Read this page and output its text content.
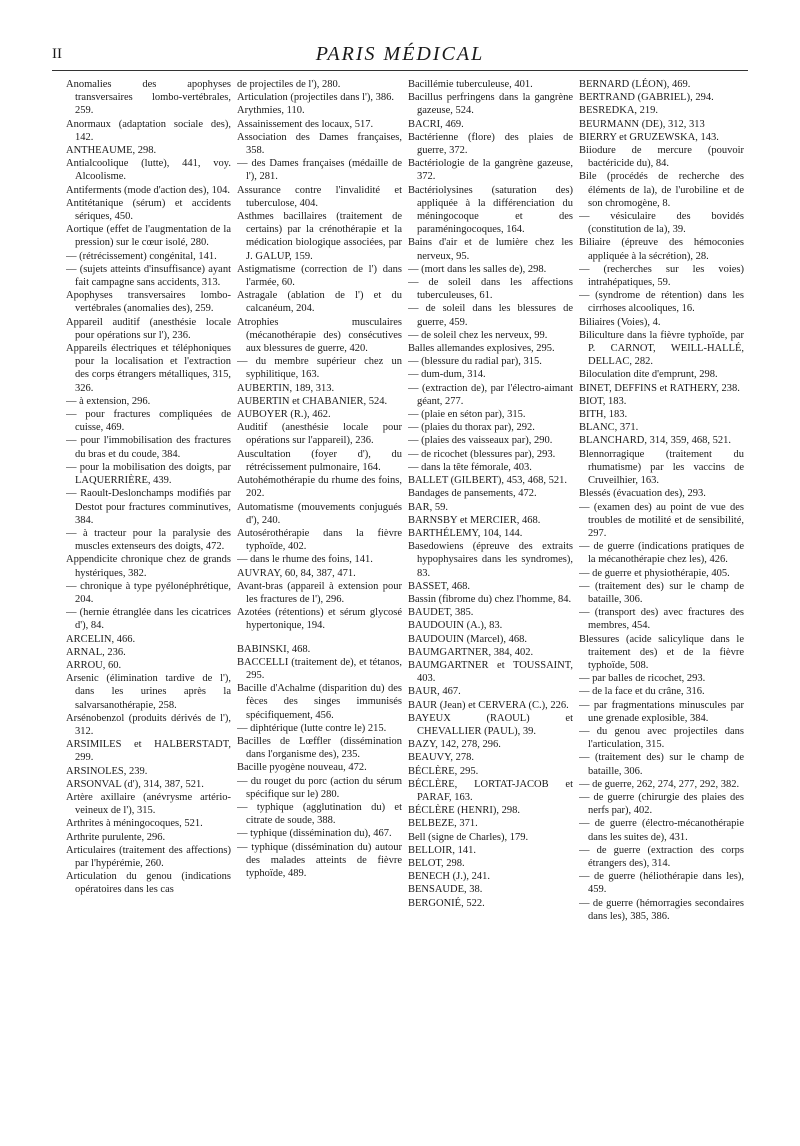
II	PARIS MÉDICAL

Anomalies des apophyses transversaires lombo-vertébrales, 259.

Anormaux (adaptation sociale des), 142.

ANTHEAUME, 298.

Antialcoolique (lutte), 441, voy. Alcoolisme.

Antiferments (mode d'action des), 104.

Antitétanique (sérum) et accidents sériques, 450.

Aortique (effet de l'augmentation de la pression) sur le cœur isolé, 280.

— (rétrécissement) congénital, 141.

— (sujets atteints d'insuffisance) ayant fait campagne sans accidents, 313.

Apophyses transversaires lombo-vertébrales (anomalies des), 259.

Appareil auditif (anesthésie locale pour opérations sur l'), 236.

Appareils électriques et téléphoniques pour la localisation et l'extraction des corps étrangers métalliques, 315, 326.

— à extension, 296.

— pour fractures compliquées de cuisse, 469.

— pour l'immobilisation des fractures du bras et du coude, 384.

— pour la mobilisation des doigts, par LAQUERRIÈRE, 439.

— Raoult-Deslonchamps modifiés par Destot pour fractures comminutives, 384.

— à tracteur pour la paralysie des muscles extenseurs des doigts, 472.

Appendicite chronique chez de grands hystériques, 382.

— chronique à type pyélonéphrétique, 204.

— (hernie étranglée dans les cicatrices d'), 84.

ARCELIN, 466.

ARNAL, 236.

ARROU, 60.

Arsenic (élimination tardive de l'), dans les urines après la salvarsanothérapie, 258.

Arsénobenzol (produits dérivés de l'), 312.

ARSIMILES et HALBERSTADT, 299.

ARSINOLES, 239.

ARSONVAL (d'), 314, 387, 521.

Artère axillaire (anévrysme artério-veineux de l'), 315.

Arthrites à méningocoques, 521.

Arthrite purulente, 296.

Articulaires (traitement des affections) par l'hypérémie, 260.

Articulation du genou (indications opératoires dans les cas

de projectiles de l'), 280.

Articulation (projectiles dans l'), 386.

Arythmies, 110.

Assainissement des locaux, 517.

Association des Dames françaises, 358.

— des Dames françaises (médaille de l'), 281.

Assurance contre l'invalidité et tuberculose, 404.

Asthmes bacillaires (traitement de certains) par la crénothérapie et la médication biologique associées, par J. GALUP, 159.

Astigmatisme (correction de l') dans l'armée, 60.

Astragale (ablation de l') et du calcanéum, 204.

Atrophies musculaires (mécanothérapie des) consécutives aux blessures de guerre, 420.

— du membre supérieur chez un syphilitique, 163.

AUBERTIN, 189, 313.

AUBERTIN et CHABANIER, 524.

AUBOYER (R.), 462.

Auditif (anesthésie locale pour opérations sur l'appareil), 236.

Auscultation (foyer d'), du rétrécissement pulmonaire, 164.

Autohémothérapie du rhume des foins, 202.

Automatisme (mouvements conjugués d'), 240.

Autosérothérapie dans la fièvre typhoïde, 402.

— dans le rhume des foins, 141.

AUVRAY, 60, 84, 387, 471.

Avant-bras (appareil à extension pour les fractures de l'), 296.

Azotées (rétentions) et sérum glycosé hypertonique, 194.

BABINSKI, 468.

BACCELLI (traitement de), et tétanos, 295.

Bacille d'Achalme (disparition du) des fèces des singes immunisés spécifiquement, 456.

— diphtérique (lutte contre le) 215.

Bacilles de Lœffler (dissémination dans l'organisme des), 235.

Bacille pyogène nouveau, 472.

— du rouget du porc (action du sérum spécifique sur le) 280.

— typhique (agglutination du) et citrate de soude, 388.

— typhique (dissémination du), 467.

— typhique (dissémination du) autour des malades atteints de fièvre typhoïde, 489.

Bacillémie tuberculeuse, 401.

Bacillus perfringens dans la gangrène gazeuse, 524.

BACRI, 469.

Bactérienne (flore) des plaies de guerre, 372.

Bactériologie de la gangrène gazeuse, 372.

Bactériolysines (saturation des) appliquée à la différenciation du méningocoque et des paraméningocoques, 164.

Bains d'air et de lumière chez les nerveux, 95.

— (mort dans les salles de), 298.

— de soleil dans les affections tuberculeuses, 61.

— de soleil dans les blessures de guerre, 459.

— de soleil chez les nerveux, 99.

Balles allemandes explosives, 295.

— (blessure du radial par), 315.

— dum-dum, 314.

— (extraction de), par l'électro-aimant géant, 277.

— (plaie en séton par), 315.

— (plaies du thorax par), 292.

— (plaies des vaisseaux par), 290.

— de ricochet (blessures par), 293.

— dans la tête fémorale, 403.

BALLET (GILBERT), 453, 468, 521.

Bandages de pansements, 472.

BAR, 59.

BARNSBY et MERCIER, 468.

BARTHÉLEMY, 104, 144.

Basedowiens (épreuve des extraits hypophysaires dans les syndromes), 83.

BASSET, 468.

Bassin (fibrome du) chez l'homme, 84.

BAUDET, 385.

BAUDOUIN (A.), 83.

BAUDOUIN (Marcel), 468.

BAUMGARTNER, 384, 402.

BAUMGARTNER et TOUSSAINT, 403.

BAUR, 467.

BAUR (Jean) et CERVERA (C.), 226.

BAYEUX (RAOUL) et CHEVALLIER (PAUL), 39.

BAZY, 142, 278, 296.

BEAUVY, 278.

BÉCLÈRE, 295.

BÉCLÈRE, LORTAT-JACOB et PARAF, 163.

BÉCLÈRE (HENRI), 298.

BELBEZE, 371.

Bell (signe de Charles), 179.

BELLOIR, 141.

BELOT, 298.

BENECH (J.), 241.

BENSAUDE, 38.

BERGONIÉ, 522.

BERNARD (LÉON), 469.

BERTRAND (GABRIEL), 294.

BESREDKA, 219.

BEURMANN (DE), 312, 313

BIERRY et GRUZEWSKA, 143.

Biiodure de mercure (pouvoir bactéricide du), 84.

Bile (procédés de recherche des éléments de la), de l'urobiline et de son chromogène, 8.

— vésiculaire des bovidés (constitution de la), 39.

Biliaire (épreuve des hémoconies appliquée à la sécrétion), 28.

— (recherches sur les voies) intrahépatiques, 59.

— (syndrome de rétention) dans les cirrhoses alcooliques, 16.

Biliaires (Voies), 4.

Biliculture dans la fièvre typhoïde, par P. CARNOT, WEILL-HALLÉ, DELLAC, 282.

Biloculation dite d'emprunt, 298.

BINET, DEFFINS et RATHERY, 238.

BIOT, 183.

BITH, 183.

BLANC, 371.

BLANCHARD, 314, 359, 468, 521.

Blennorragique (traitement du rhumatisme) par les vaccins de Cruveilhier, 163.

Blessés (évacuation des), 293.

— (examen des) au point de vue des troubles de motilité et de sensibilité, 297.

— de guerre (indications pratiques de la mécanothérapie chez les), 426.

— de guerre et physiothérapie, 405.

— (traitement des) sur le champ de bataille, 306.

— (transport des) avec fractures des membres, 454.

Blessures (acide salicylique dans le traitement des) et de la fièvre typhoïde, 508.

— par balles de ricochet, 293.

— de la face et du crâne, 316.

— par fragmentations minuscules par une grenade explosible, 384.

— du genou avec projectiles dans l'articulation, 315.

— (traitement des) sur le champ de bataille, 306.

— de guerre, 262, 274, 277, 292, 382.

— de guerre (chirurgie des plaies des nerfs par), 402.

— de guerre (électro-mécanothérapie dans les suites de), 431.

— de guerre (extraction des corps étrangers des), 314.

— de guerre (héliothérapie dans les), 459.

— de guerre (hémorragies secondaires dans les), 385, 386.
